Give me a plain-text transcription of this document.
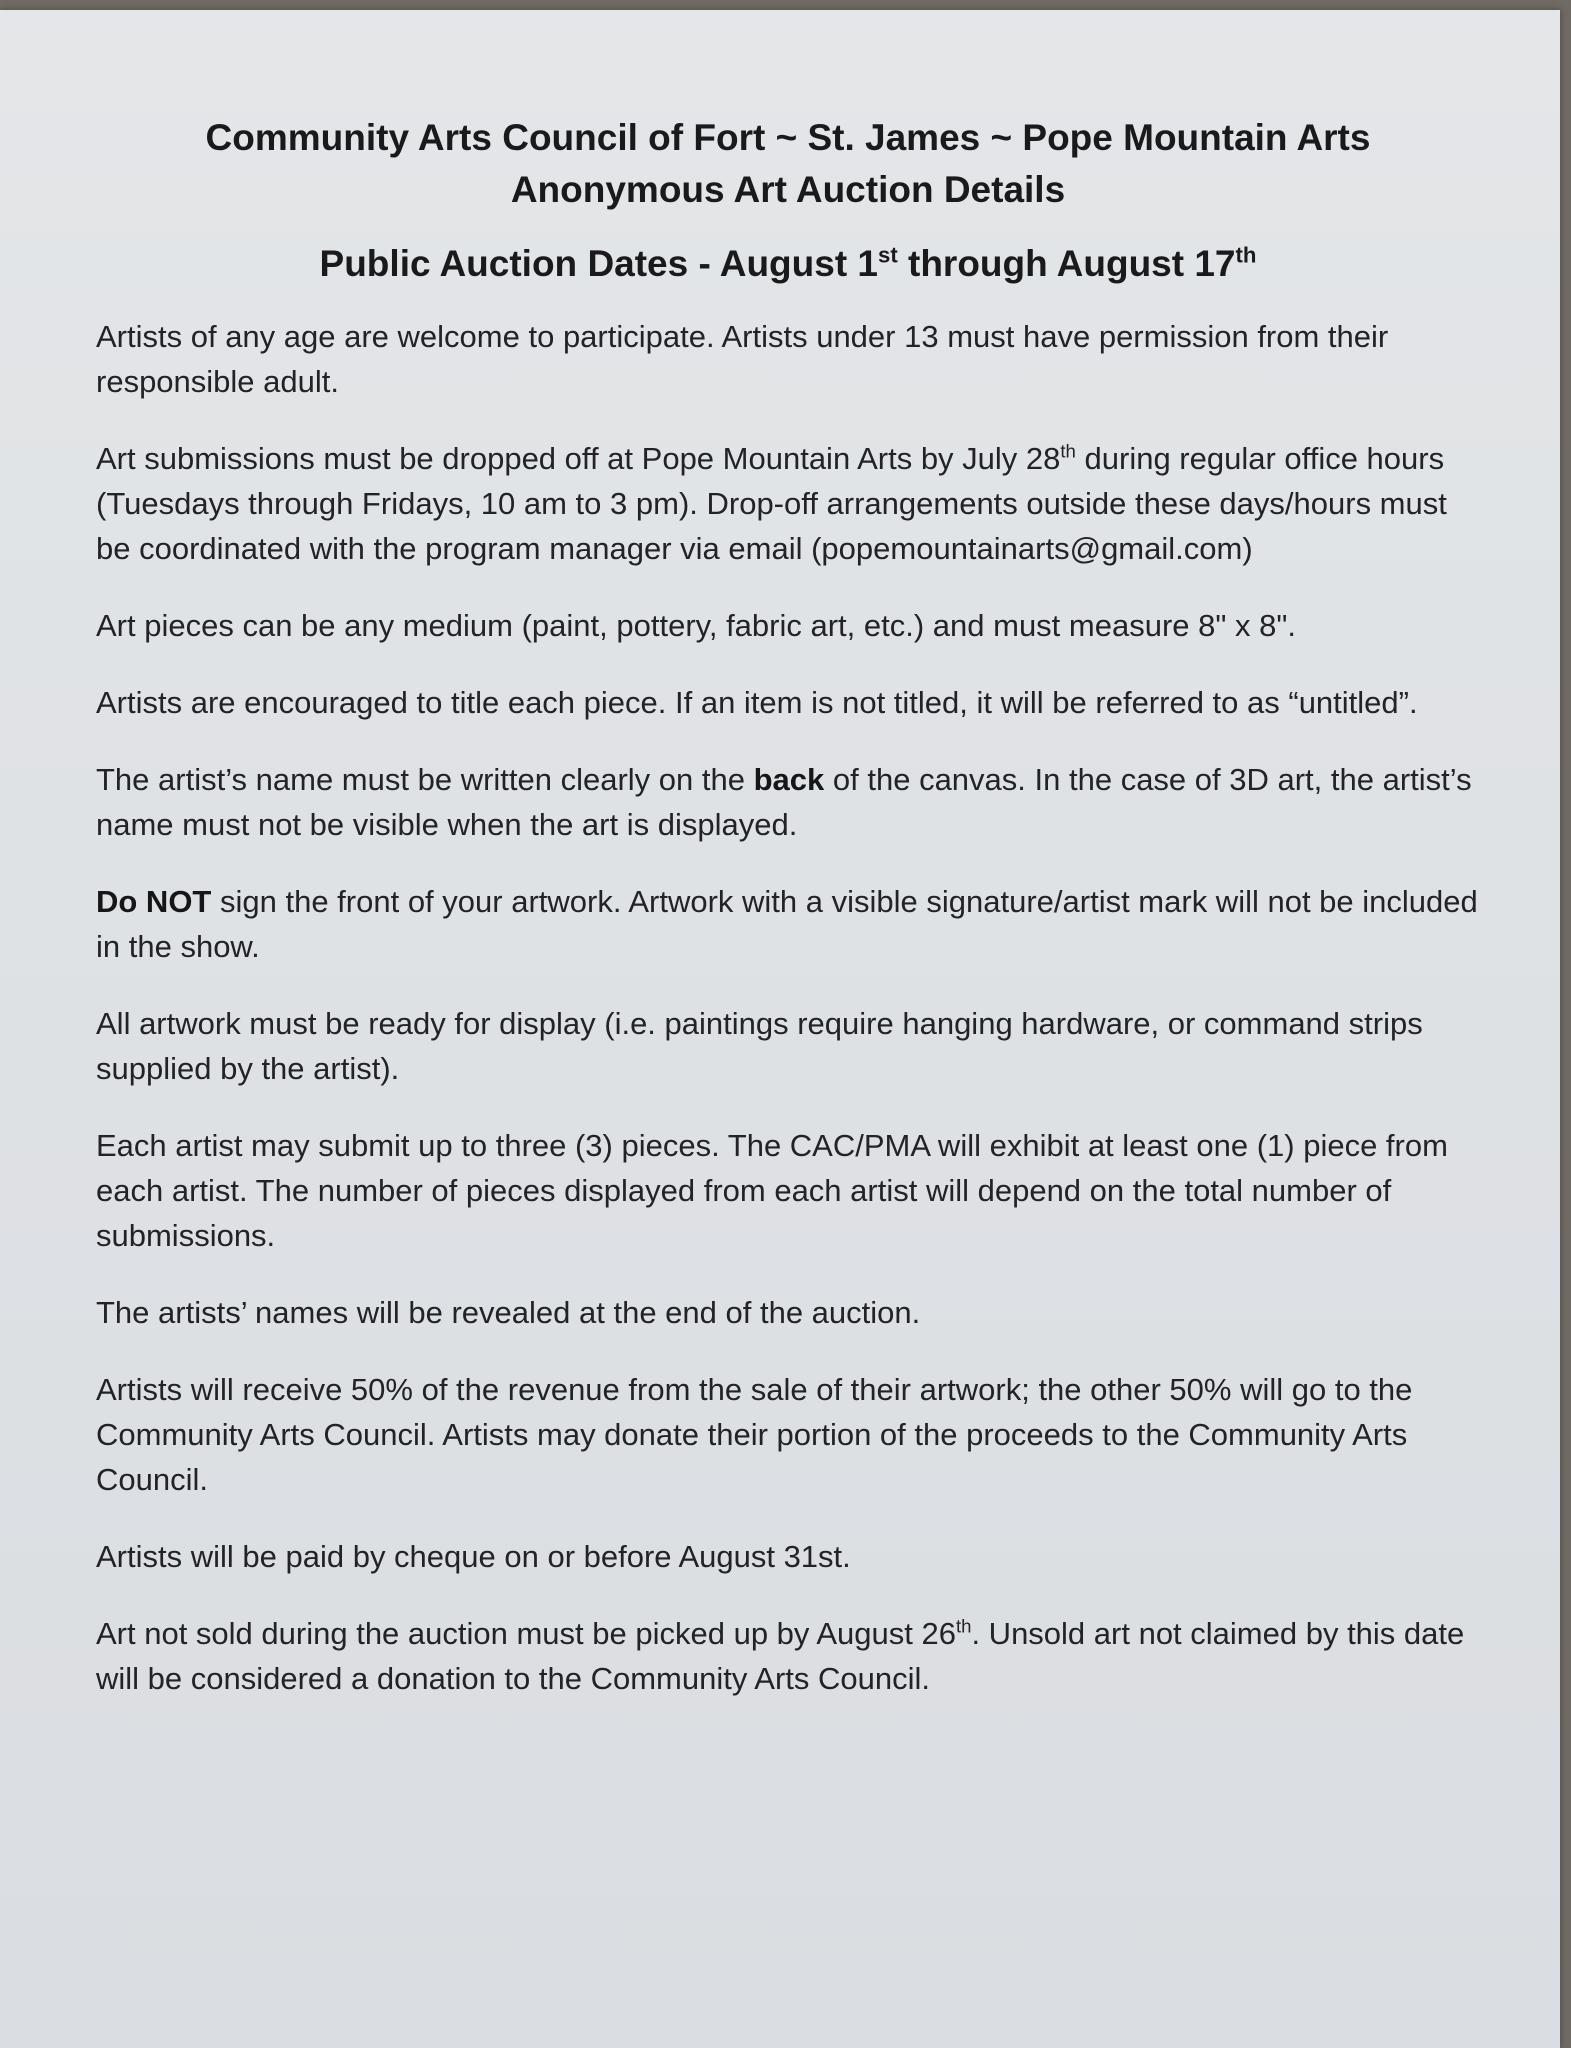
Community Arts Council of Fort ~ St. James ~ Pope Mountain Arts

Anonymous Art Auction Details

Public Auction Dates - August 1st through August 17th

Artists of any age are welcome to participate. Artists under 13 must have permission from their responsible adult.

Art submissions must be dropped off at Pope Mountain Arts by July 28th during regular office hours (Tuesdays through Fridays, 10 am to 3 pm). Drop-off arrangements outside these days/hours must be coordinated with the program manager via email (popemountainarts@gmail.com)

Art pieces can be any medium (paint, pottery, fabric art, etc.) and must measure 8" x 8".

Artists are encouraged to title each piece. If an item is not titled, it will be referred to as “untitled”.

The artist’s name must be written clearly on the back of the canvas. In the case of 3D art, the artist’s name must not be visible when the art is displayed.

Do NOT sign the front of your artwork. Artwork with a visible signature/artist mark will not be included in the show.

All artwork must be ready for display (i.e. paintings require hanging hardware, or command strips supplied by the artist).

Each artist may submit up to three (3) pieces. The CAC/PMA will exhibit at least one (1) piece from each artist. The number of pieces displayed from each artist will depend on the total number of submissions.

The artists’ names will be revealed at the end of the auction.

Artists will receive 50% of the revenue from the sale of their artwork; the other 50% will go to the Community Arts Council. Artists may donate their portion of the proceeds to the Community Arts Council.

Artists will be paid by cheque on or before August 31st.

Art not sold during the auction must be picked up by August 26th. Unsold art not claimed by this date will be considered a donation to the Community Arts Council.
